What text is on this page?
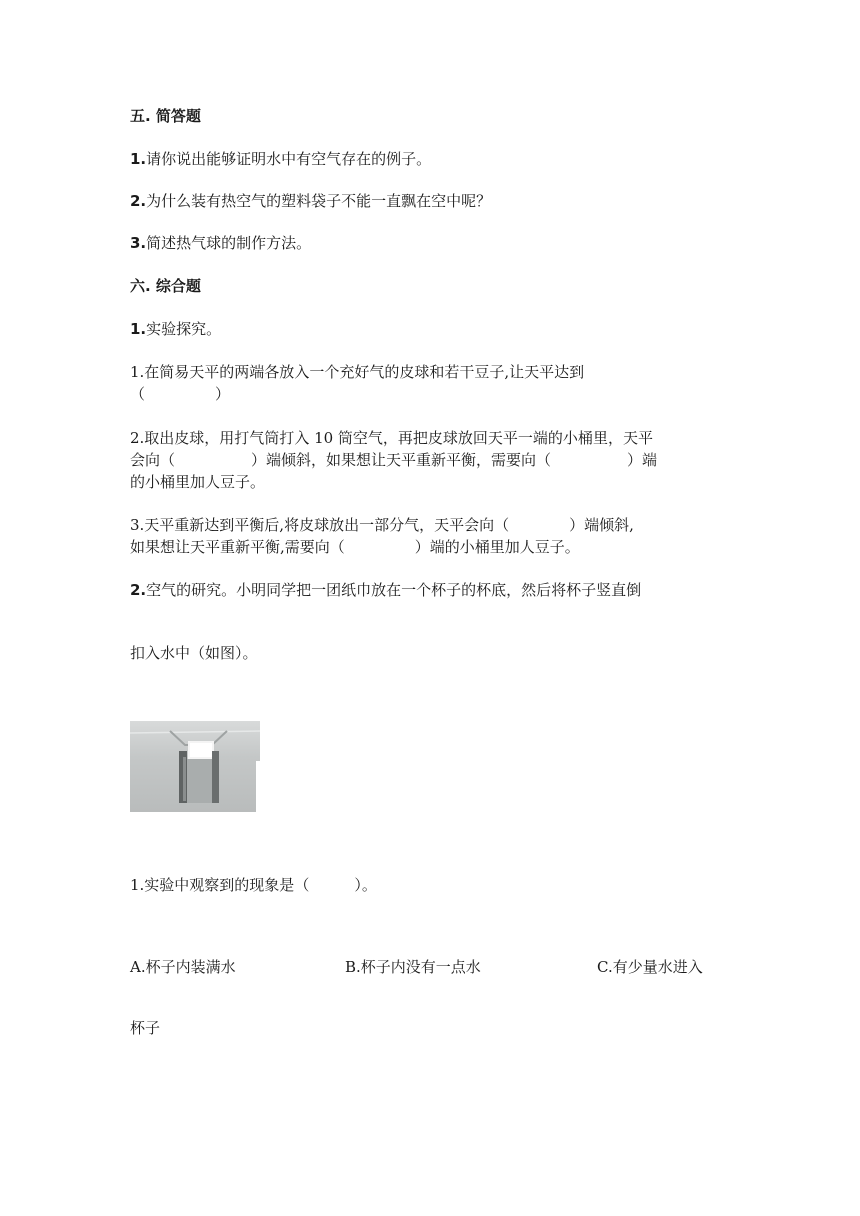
五. 简答题
1.请你说出能够证明水中有空气存在的例子。
2.为什么装有热空气的塑料袋子不能一直飘在空中呢？
3.简述热气球的制作方法。
六. 综合题
1.实验探究。
1.在简易天平的两端各放入一个充好气的皮球和若干豆子,让天平达到
（	）
2.取出皮球，用打气筒打入 10 筒空气，再把皮球放回天平一端的小桶里，天平
会向（	）端倾斜，如果想让天平重新平衡，需要向（	）端
的小桶里加人豆子。
3.天平重新达到平衡后,将皮球放出一部分气，天平会向（	）端倾斜,
如果想让天平重新平衡,需要向（	）端的小桶里加人豆子。
2.空气的研究。小明同学把一团纸巾放在一个杯子的杯底，然后将杯子竖直倒
扣入水中（如图）。
1.实验中观察到的现象是（　　　）。
A.杯子内装满水	B.杯子内没有一点水	C.有少量水进入
杯子
